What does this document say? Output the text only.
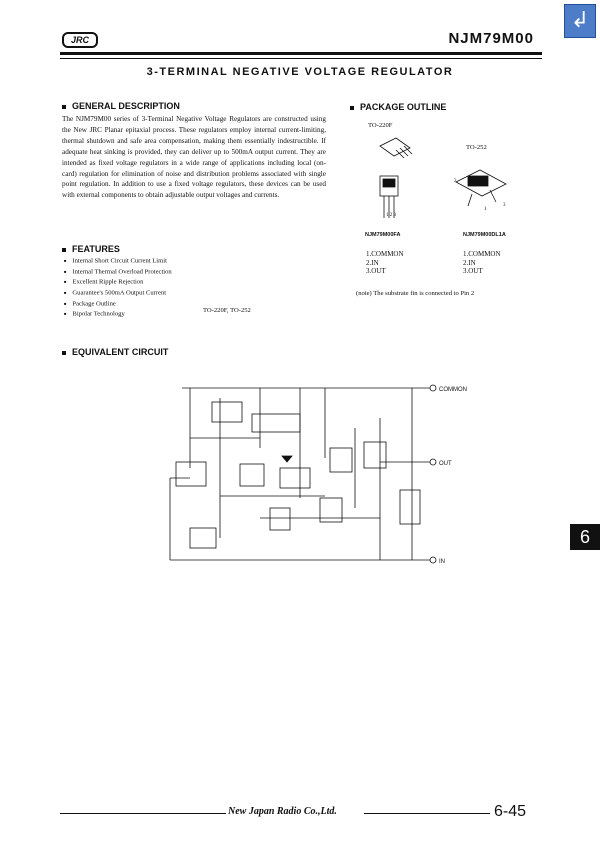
↲
JRC	NJM79M00
3-TERMINAL NEGATIVE VOLTAGE REGULATOR
GENERAL DESCRIPTION
The NJM79M00 series of 3-Terminal Negative Voltage Regulators are constructed using the New JRC Planar epitaxial process. These regulators employ internal current-limiting, thermal shutdown and safe area compensation, making them essentially indestructible. If adequate heat sinking is provided, they can deliver up to 500mA output current. They are intended as fixed voltage regulators in a wide range of applications including local (on-card) regulation for elimination of noise and distribution problems associated with single point regulation. In addition to use a fixed voltage regulators, these devices can be used with external components to obtain adjustable output voltages and currents.
FEATURES
■ Internal Short Circuit Current Limit
■ Internal Thermal Overload Protection
■ Excellent Ripple Rejection
■ Guarantee's 500mA Output Current
■ Package Outline
■ Bipolar Technology
TO-220F, TO-252
PACKAGE OUTLINE
TO-220F
TO-252
1 2 3
2
1
3
NJM79M00FA	NJM79M00DL1A
1.COMMON
2.IN
3.OUT
1.COMMON
2.IN
3.OUT
(note) The substrate fin is connected to Pin 2
EQUIVALENT CIRCUIT
COMMON
OUT
IN
6
New Japan Radio Co.,Ltd.	6-45
